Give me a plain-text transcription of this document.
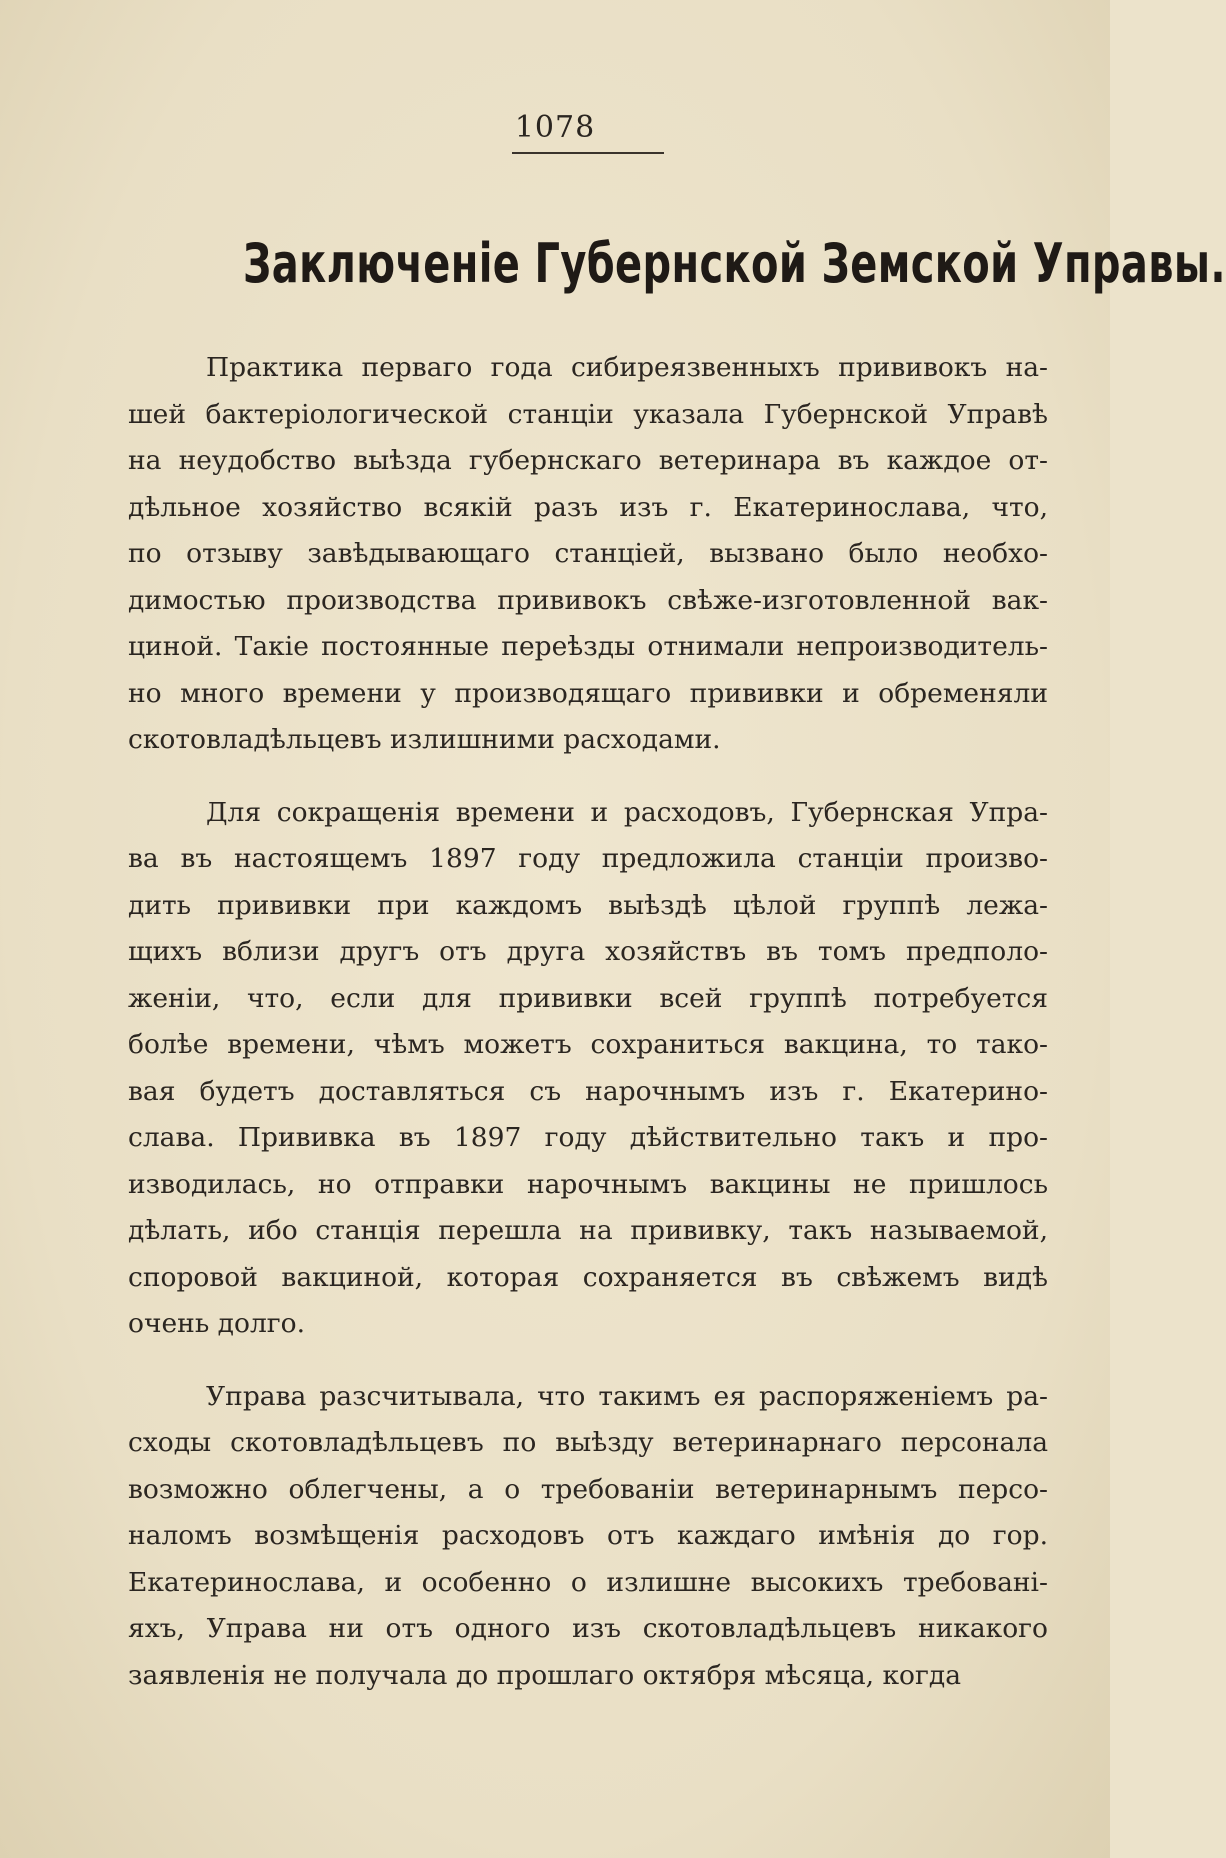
1078
Заключенiе Губернской Земской Управы.
Практика перваго года сибиреязвенныхъ прививокъ на-
шей бактерiологической станцiи указала Губернской Управѣ
на неудобство выѣзда губернскаго ветеринара въ каждое от-
дѣльное хозяйство всякiй разъ изъ г. Екатеринослава, что,
по отзыву завѣдывающаго станцiей, вызвано было необхо-
димостью производства прививокъ свѣже-изготовленной вак-
циной. Такiе постоянные переѣзды отнимали непроизводитель-
но много времени у производящаго прививки и обременяли
скотовладѣльцевъ излишними расходами.
Для сокращенiя времени и расходовъ, Губернская Упра-
ва въ настоящемъ 1897 году предложила станцiи произво-
дить прививки при каждомъ выѣздѣ цѣлой группѣ лежа-
щихъ вблизи другъ отъ друга хозяйствъ въ томъ предполо-
женiи, что, если для прививки всей группѣ потребуется
болѣе времени, чѣмъ можетъ сохраниться вакцина, то тако-
вая будетъ доставляться съ нарочнымъ изъ г. Екатерино-
слава. Прививка въ 1897 году дѣйствительно такъ и про-
изводилась, но отправки нарочнымъ вакцины не пришлось
дѣлать, ибо станцiя перешла на прививку, такъ называемой,
споровой вакциной, которая сохраняется въ свѣжемъ видѣ
очень долго.
Управа разсчитывала, что такимъ ея распоряженiемъ ра-
сходы скотовладѣльцевъ по выѣзду ветеринарнаго персонала
возможно облегчены, а о требованiи ветеринарнымъ персо-
наломъ возмѣщенiя расходовъ отъ каждаго имѣнiя до гор.
Екатеринослава, и особенно о излишне высокихъ требованi-
яхъ, Управа ни отъ одного изъ скотовладѣльцевъ никакого
заявленiя не получала до прошлаго октября мѣсяца, когда
